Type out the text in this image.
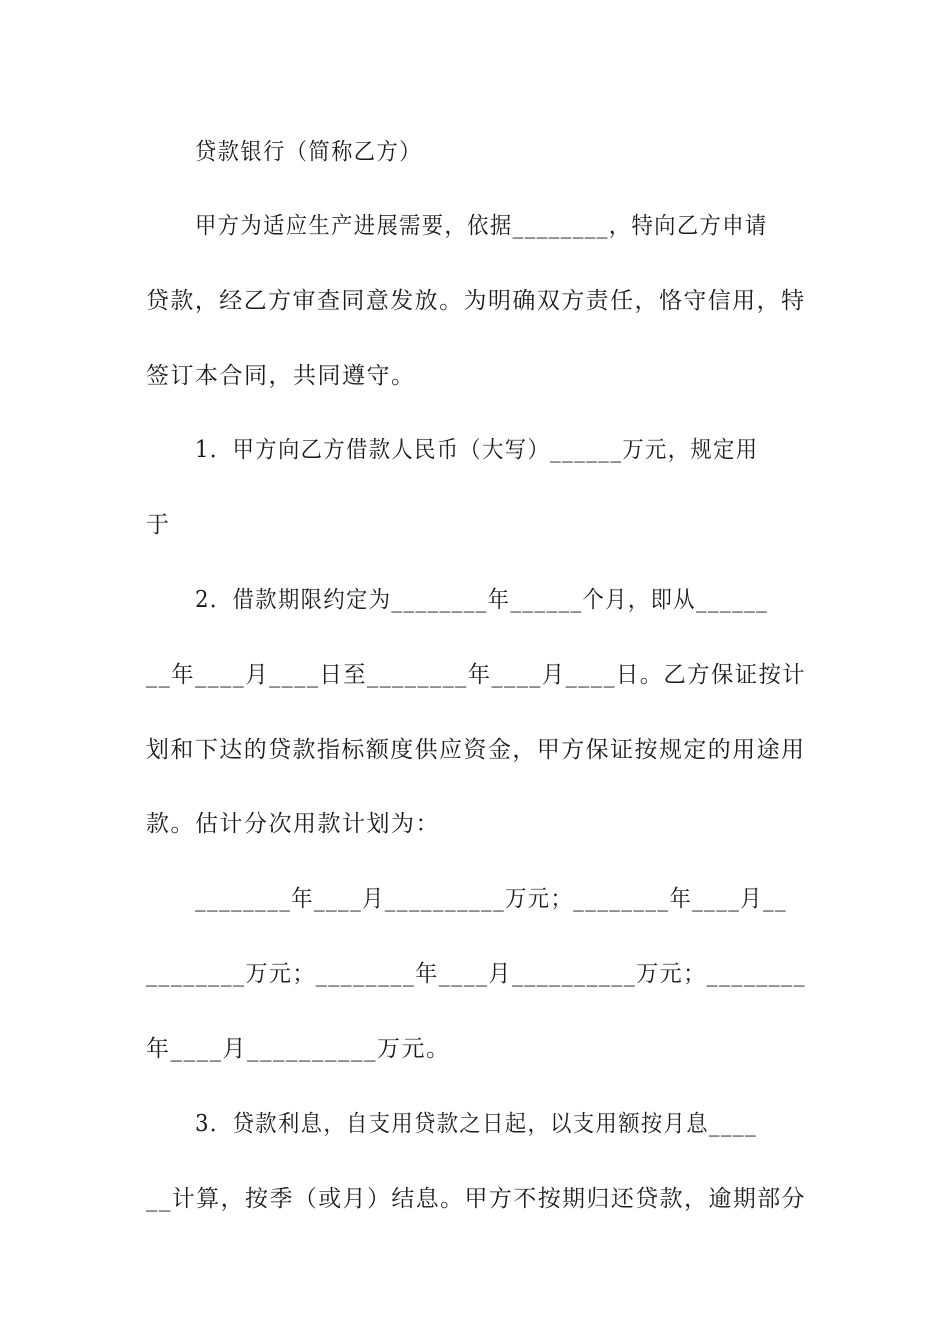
贷款银行（简称乙方）
甲方为适应生产进展需要，依据________，特向乙方申请
贷款，经乙方审查同意发放。为明确双方责任，恪守信用，特
签订本合同，共同遵守。
1．甲方向乙方借款人民币（大写）______万元，规定用
于
2．借款期限约定为________年______个月，即从______
__年____月____日至________年____月____日。乙方保证按计
划和下达的贷款指标额度供应资金，甲方保证按规定的用途用
款。估计分次用款计划为：
________年____月__________万元；________年____月__
________万元；________年____月__________万元；________
年____月__________万元。
3．贷款利息，自支用贷款之日起，以支用额按月息____
__计算，按季（或月）结息。甲方不按期归还贷款，逾期部分
